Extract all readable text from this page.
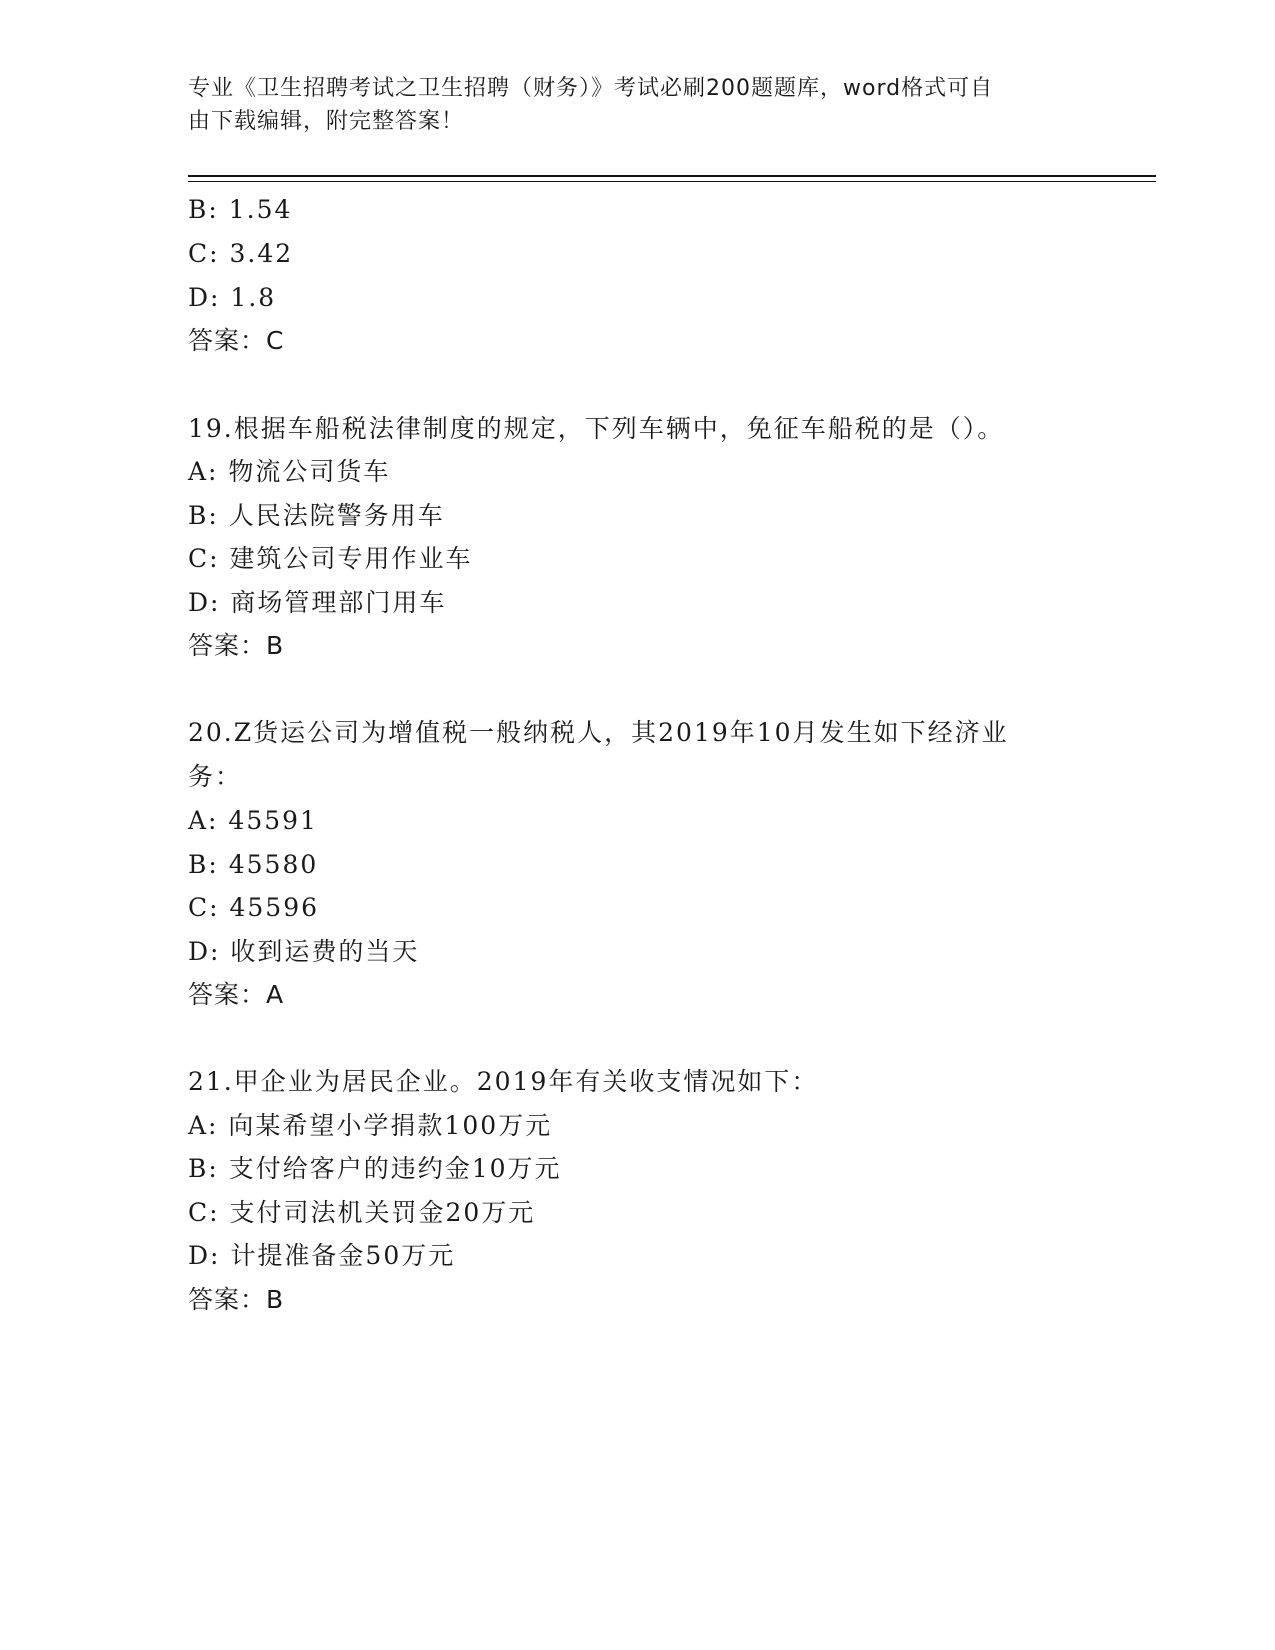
专业《卫生招聘考试之卫生招聘（财务）》考试必刷200题题库，word格式可自
由下载编辑，附完整答案！
B: 1.54
C: 3.42
D: 1.8
答案：C
19.根据车船税法律制度的规定，下列车辆中，免征车船税的是（）。
A: 物流公司货车
B: 人民法院警务用车
C: 建筑公司专用作业车
D: 商场管理部门用车
答案：B
20.Z货运公司为增值税一般纳税人，其2019年10月发生如下经济业
务：
A: 45591
B: 45580
C: 45596
D: 收到运费的当天
答案：A
21.甲企业为居民企业。2019年有关收支情况如下：
A: 向某希望小学捐款100万元
B: 支付给客户的违约金10万元
C: 支付司法机关罚金20万元
D: 计提准备金50万元
答案：B
